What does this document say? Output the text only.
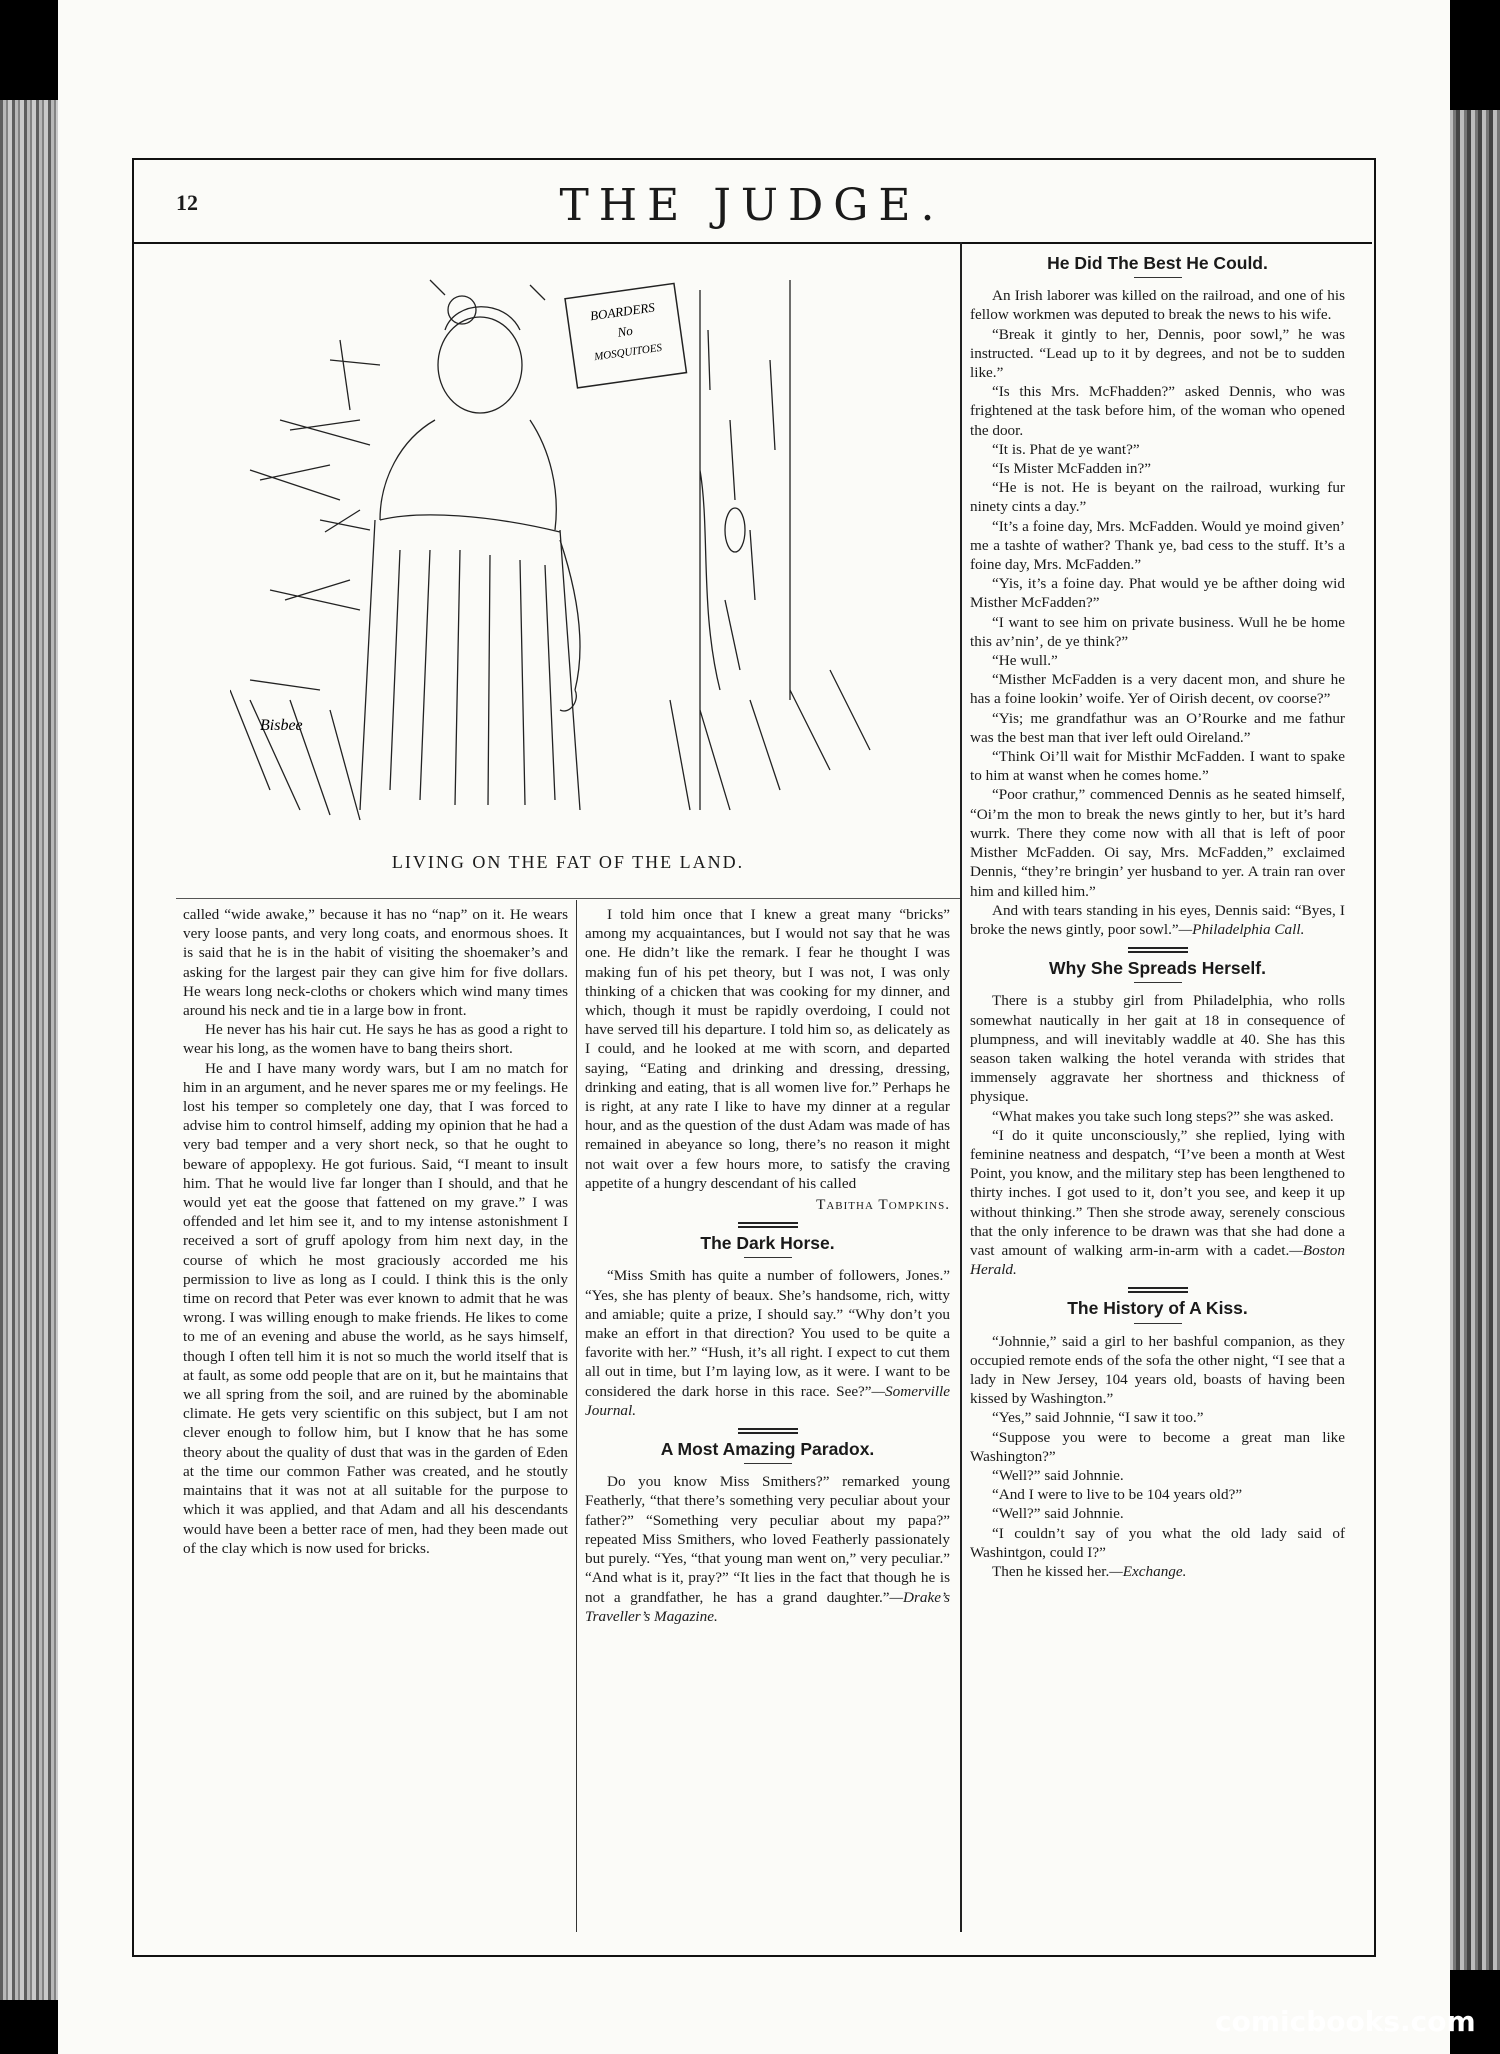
12	THE JUDGE.
BOARDERS
No
MOSQUITOES
Bisbee
LIVING ON THE FAT OF THE LAND.

called “wide awake,” because it has no “nap” on it. He wears very loose pants, and very long coats, and enormous shoes. It is said that he is in the habit of visiting the shoemaker’s and asking for the largest pair they can give him for five dollars. He wears long neck-cloths or chokers which wind many times around his neck and tie in a large bow in front.

He never has his hair cut. He says he has as good a right to wear his long, as the women have to bang theirs short.

He and I have many wordy wars, but I am no match for him in an argument, and he never spares me or my feelings. He lost his temper so completely one day, that I was forced to advise him to control himself, adding my opinion that he had a very bad temper and a very short neck, so that he ought to beware of appoplexy. He got furious. Said, “I meant to insult him. That he would live far longer than I should, and that he would yet eat the goose that fattened on my grave.” I was offended and let him see it, and to my intense astonishment I received a sort of gruff apology from him next day, in the course of which he most graciously accorded me his permission to live as long as I could. I think this is the only time on record that Peter was ever known to admit that he was wrong. I was willing enough to make friends. He likes to come to me of an evening and abuse the world, as he says himself, though I often tell him it is not so much the world itself that is at fault, as some odd people that are on it, but he maintains that we all spring from the soil, and are ruined by the abominable climate. He gets very scientific on this subject, but I am not clever enough to follow him, but I know that he has some theory about the quality of dust that was in the garden of Eden at the time our common Father was created, and he stoutly maintains that it was not at all suitable for the purpose to which it was applied, and that Adam and all his descendants would have been a better race of men, had they been made out of the clay which is now used for bricks.

I told him once that I knew a great many “bricks” among my acquaintances, but I would not say that he was one. He didn’t like the remark. I fear he thought I was making fun of his pet theory, but I was not, I was only thinking of a chicken that was cooking for my dinner, and which, though it must be rapidly overdoing, I could not have served till his departure. I told him so, as delicately as I could, and he looked at me with scorn, and departed saying, “Eating and drinking and dressing, dressing, drinking and eating, that is all women live for.” Perhaps he is right, at any rate I like to have my dinner at a regular hour, and as the question of the dust Adam was made of has remained in abeyance so long, there’s no reason it might not wait over a few hours more, to satisfy the craving appetite of a hungry descendant of his called

Tabitha Tompkins.
The Dark Horse.

“Miss Smith has quite a number of followers, Jones.” “Yes, she has plenty of beaux. She’s handsome, rich, witty and amiable; quite a prize, I should say.” “Why don’t you make an effort in that direction? You used to be quite a favorite with her.” “Hush, it’s all right. I expect to cut them all out in time, but I’m laying low, as it were. I want to be considered the dark horse in this race. See?”—Somerville Journal.

A Most Amazing Paradox.

Do you know Miss Smithers?” remarked young Featherly, “that there’s something very peculiar about your father?” “Something very peculiar about my papa?” repeated Miss Smithers, who loved Featherly passionately but purely. “Yes, “that young man went on,” very peculiar.” “And what is it, pray?” “It lies in the fact that though he is not a grandfather, he has a grand daughter.”—Drake’s Traveller’s Magazine.

He Did The Best He Could.

An Irish laborer was killed on the railroad, and one of his fellow workmen was deputed to break the news to his wife.

“Break it gintly to her, Dennis, poor sowl,” he was instructed. “Lead up to it by degrees, and not be to sudden like.”

“Is this Mrs. McFhadden?” asked Dennis, who was frightened at the task before him, of the woman who opened the door.

“It is. Phat de ye want?”

“Is Mister McFadden in?”

“He is not. He is beyant on the railroad, wurking fur ninety cints a day.”

“It’s a foine day, Mrs. McFadden. Would ye moind given’ me a tashte of wather? Thank ye, bad cess to the stuff. It’s a foine day, Mrs. McFadden.”

“Yis, it’s a foine day. Phat would ye be afther doing wid Misther McFadden?”

“I want to see him on private business. Wull he be home this av’nin’, de ye think?”

“He wull.”

“Misther McFadden is a very dacent mon, and shure he has a foine lookin’ woife. Yer of Oirish decent, ov coorse?”

“Yis; me grandfathur was an O’Rourke and me fathur was the best man that iver left ould Oireland.”

“Think Oi’ll wait for Misthir McFadden. I want to spake to him at wanst when he comes home.”

“Poor crathur,” commenced Dennis as he seated himself, “Oi’m the mon to break the news gintly to her, but it’s hard wurrk. There they come now with all that is left of poor Misther McFadden. Oi say, Mrs. McFadden,” exclaimed Dennis, “they’re bringin’ yer husband to yer. A train ran over him and killed him.”

And with tears standing in his eyes, Dennis said: “Byes, I broke the news gintly, poor sowl.”—Philadelphia Call.

Why She Spreads Herself.

There is a stubby girl from Philadelphia, who rolls somewhat nautically in her gait at 18 in consequence of plumpness, and will inevitably waddle at 40. She has this season taken walking the hotel veranda with strides that immensely aggravate her shortness and thickness of physique.

“What makes you take such long steps?” she was asked.

“I do it quite unconsciously,” she replied, lying with feminine neatness and despatch, “I’ve been a month at West Point, you know, and the military step has been lengthened to thirty inches. I got used to it, don’t you see, and keep it up without thinking.” Then she strode away, serenely conscious that the only inference to be drawn was that she had done a vast amount of walking arm-in-arm with a cadet.—Boston Herald.

The History of A Kiss.

“Johnnie,” said a girl to her bashful companion, as they occupied remote ends of the sofa the other night, “I see that a lady in New Jersey, 104 years old, boasts of having been kissed by Washington.”

“Yes,” said Johnnie, “I saw it too.”

“Suppose you were to become a great man like Washington?”

“Well?” said Johnnie.

“And I were to live to be 104 years old?”

“Well?” said Johnnie.

“I couldn’t say of you what the old lady said of Washintgon, could I?”

Then he kissed her.—Exchange.

comicbooks.com
